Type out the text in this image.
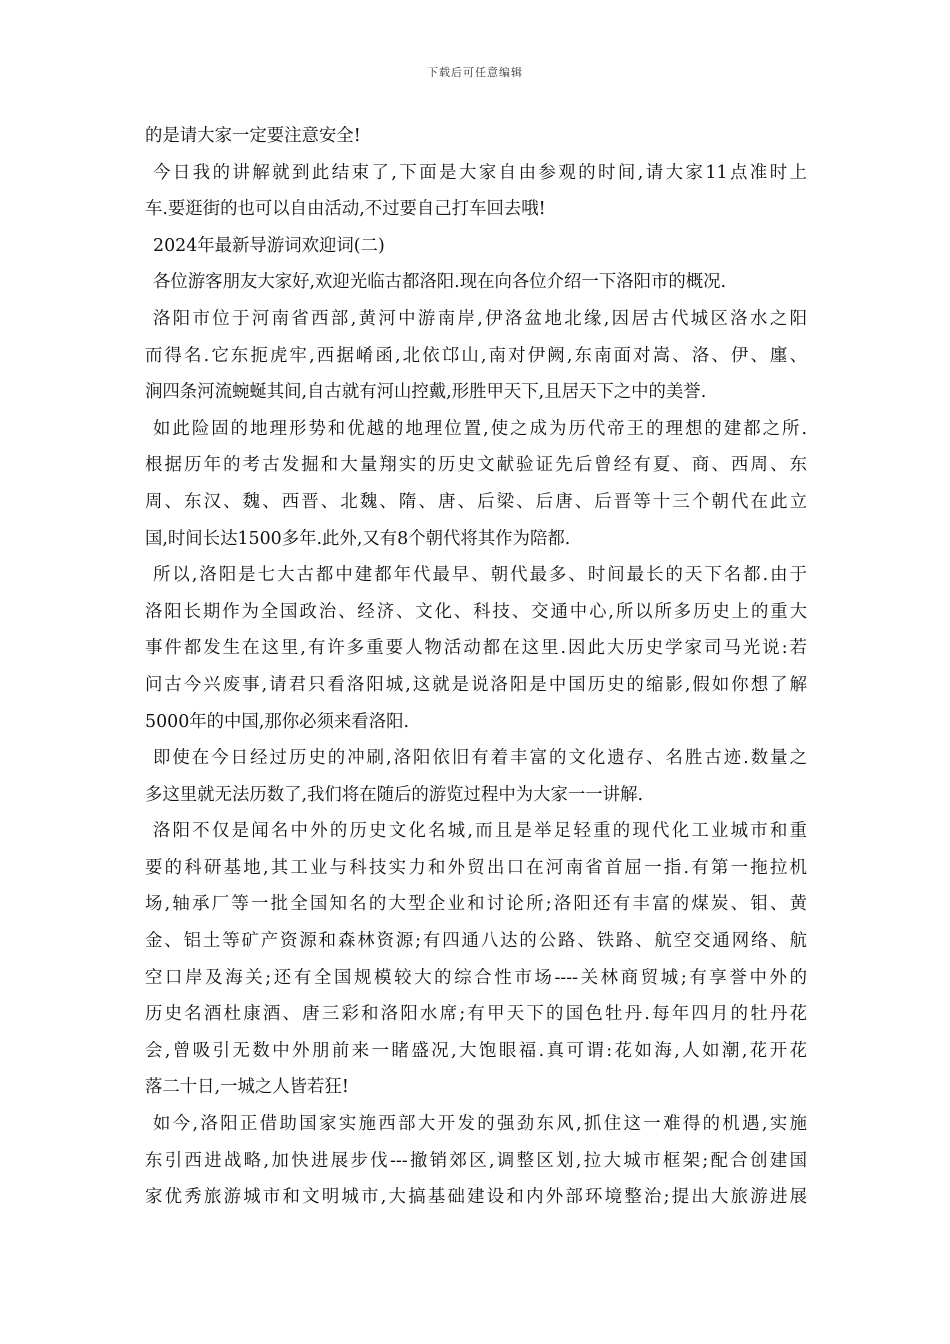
下载后可任意编辑
的是请大家一定要注意安全!
今日我的讲解就到此结束了,下面是大家自由参观的时间,请大家11点准时上
车.要逛街的也可以自由活动,不过要自己打车回去哦!
2024年最新导游词欢迎词(二)
各位游客朋友大家好,欢迎光临古都洛阳.现在向各位介绍一下洛阳市的概况.
洛阳市位于河南省西部,黄河中游南岸,伊洛盆地北缘,因居古代城区洛水之阳
而得名.它东扼虎牢,西据崤函,北依邙山,南对伊阙,东南面对嵩、洛、伊、廛、
涧四条河流蜿蜒其间,自古就有河山控戴,形胜甲天下,且居天下之中的美誉.
如此险固的地理形势和优越的地理位置,使之成为历代帝王的理想的建都之所.
根据历年的考古发掘和大量翔实的历史文献验证先后曾经有夏、商、西周、东
周、东汉、魏、西晋、北魏、隋、唐、后梁、后唐、后晋等十三个朝代在此立
国,时间长达1500多年.此外,又有8个朝代将其作为陪都.
所以,洛阳是七大古都中建都年代最早、朝代最多、时间最长的天下名都.由于
洛阳长期作为全国政治、经济、文化、科技、交通中心,所以所多历史上的重大
事件都发生在这里,有许多重要人物活动都在这里.因此大历史学家司马光说:若
问古今兴废事,请君只看洛阳城,这就是说洛阳是中国历史的缩影,假如你想了解
5000年的中国,那你必须来看洛阳.
即使在今日经过历史的冲刷,洛阳依旧有着丰富的文化遗存、名胜古迹.数量之
多这里就无法历数了,我们将在随后的游览过程中为大家一一讲解.
洛阳不仅是闻名中外的历史文化名城,而且是举足轻重的现代化工业城市和重
要的科研基地,其工业与科技实力和外贸出口在河南省首屈一指.有第一拖拉机
场,轴承厂等一批全国知名的大型企业和讨论所;洛阳还有丰富的煤炭、钼、黄
金、铝土等矿产资源和森林资源;有四通八达的公路、铁路、航空交通网络、航
空口岸及海关;还有全国规模较大的综合性市场----关林商贸城;有享誉中外的
历史名酒杜康酒、唐三彩和洛阳水席;有甲天下的国色牡丹.每年四月的牡丹花
会,曾吸引无数中外朋前来一睹盛况,大饱眼福.真可谓:花如海,人如潮,花开花
落二十日,一城之人皆若狂!
如今,洛阳正借助国家实施西部大开发的强劲东风,抓住这一难得的机遇,实施
东引西进战略,加快进展步伐---撤销郊区,调整区划,拉大城市框架;配合创建国
家优秀旅游城市和文明城市,大搞基础建设和内外部环境整治;提出大旅游进展
